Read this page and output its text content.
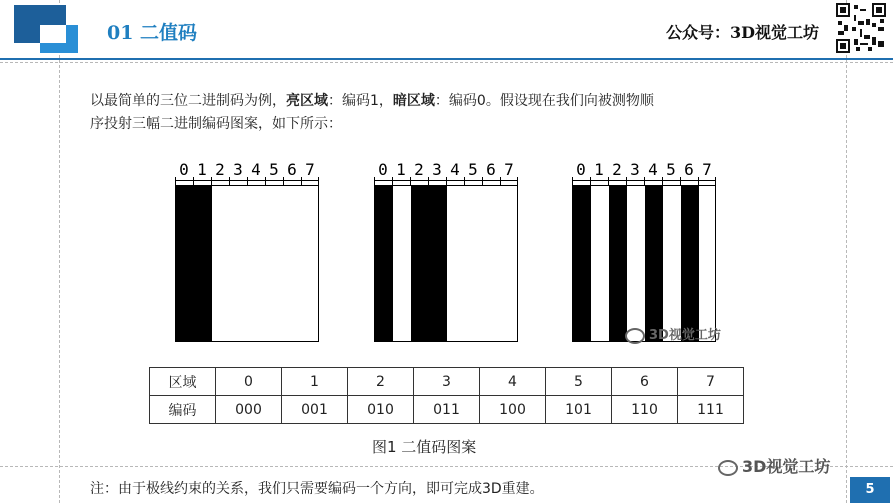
01 二值码	公众号：3D视觉工坊
以最简单的三位二进制码为例，亮区域：编码1，暗区域：编码0。假设现在我们向被测物顺
序投射三幅二进制编码图案，如下所示：
0 1 2 3 4 5 6 7	0 1 2 3 4 5 6 7	0 1 2 3 4 5 6 7
3D视觉工坊
区域	0	1	2	3	4	5	6	7
编码	000	001	010	011	100	101	110	111
图1 二值码图案
注：由于极线约束的关系，我们只需要编码一个方向，即可完成3D重建。
3D视觉工坊
5
